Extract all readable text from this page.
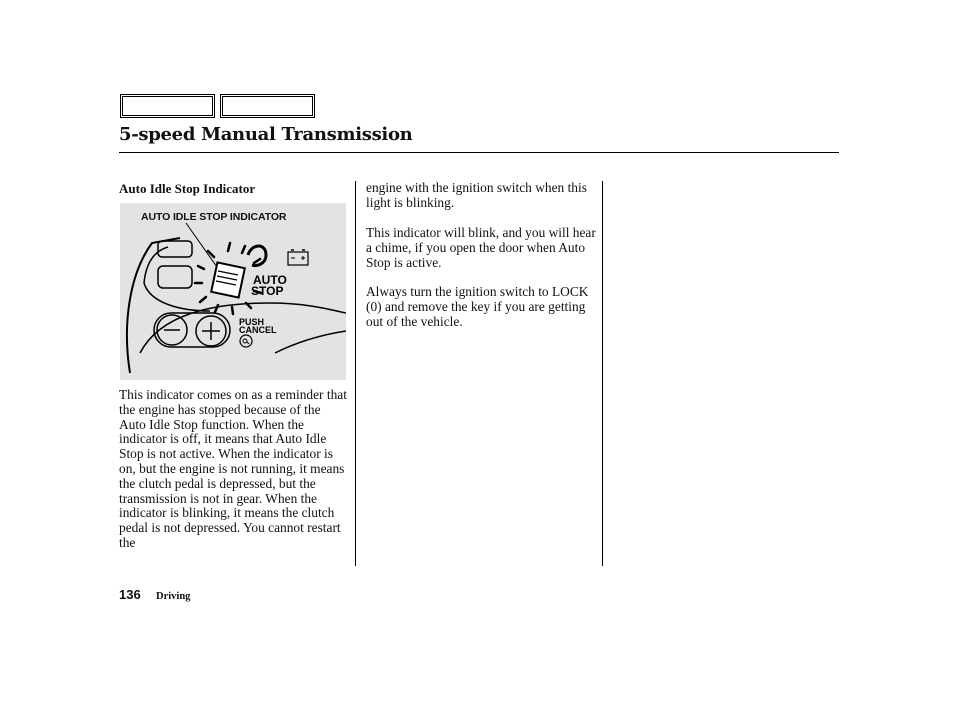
5-speed Manual Transmission
Auto Idle Stop Indicator
AUTO IDLE STOP INDICATOR
AUTO
STOP
PUSH
CANCEL

This indicator comes on as a reminder that the engine has stopped because of the Auto Idle Stop function. When the indicator is off, it means that Auto Idle Stop is not active. When the indicator is on, but the engine is not running, it means the clutch pedal is depressed, but the transmission is not in gear. When the indicator is blinking, it means the clutch pedal is not depressed. You cannot restart the

engine with the ignition switch when this light is blinking.

This indicator will blink, and you will hear a chime, if you open the door when Auto Stop is active.

Always turn the ignition switch to LOCK (0) and remove the key if you are getting out of the vehicle.

136 Driving
